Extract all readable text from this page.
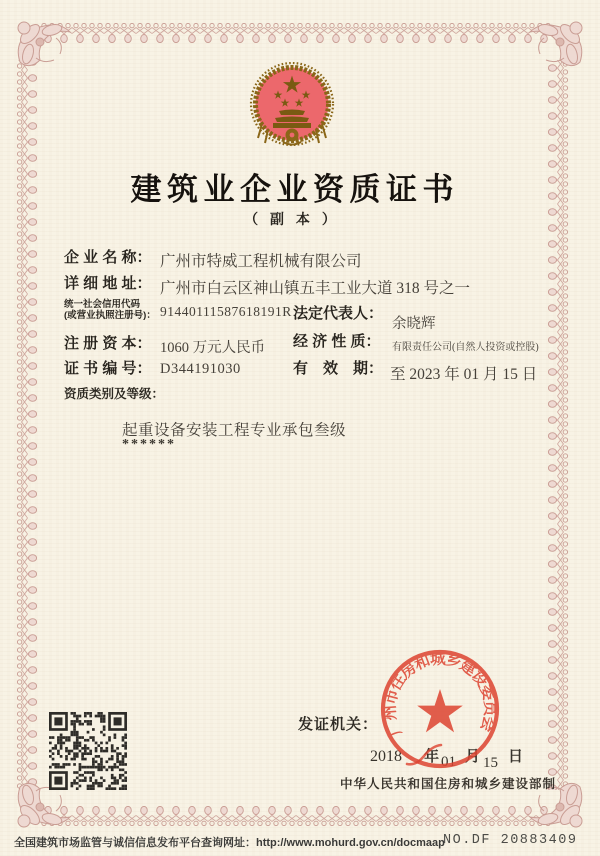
建筑业企业资质证书
（ 副 本 ）
企 业 名 称： 广州市特威工程机械有限公司
详 细 地 址： 广州市白云区神山镇五丰工业大道 318 号之一
统一社会信用代码
(或营业执照注册号)： 91440111587618191R 法定代表人：
余晓辉
注 册 资 本： 1060 万元人民币 经 济 性 质： 有限责任公司(自然人投资或控股)
证 书 编 号： D344191030	有　效　期： 至 2023 年 01 月 15 日
资质类别及等级：
起重设备安装工程专业承包叁级
******
发证机关：
2018 年 01 月 15 日
中华人民共和国住房和城乡建设部制
广州市住房和城乡建设委员会
全国建筑市场监管与诚信信息发布平台查询网址：http://www.mohurd.gov.cn/docmaap
NO.DF 20883409
